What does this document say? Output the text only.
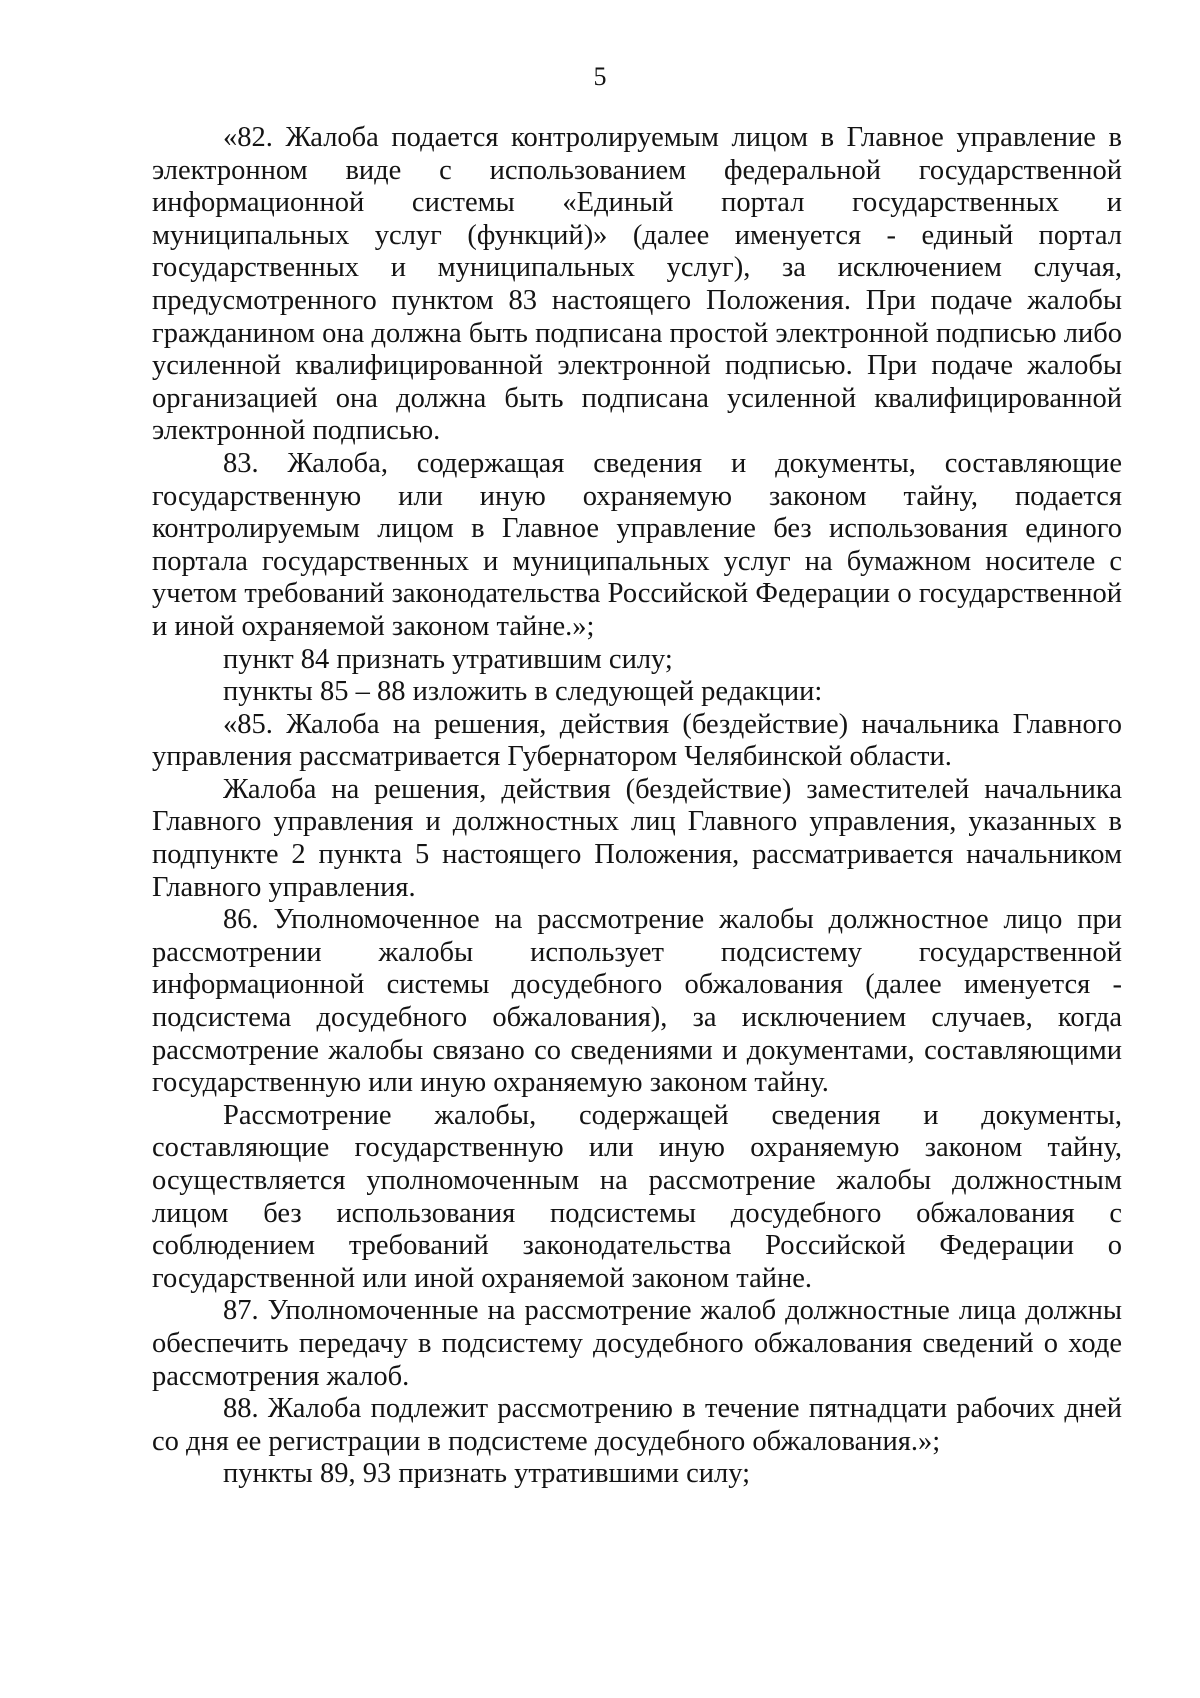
5

«82. Жалоба подается контролируемым лицом в Главное управление в электронном виде с использованием федеральной государственной информационной системы «Единый портал государственных и муниципальных услуг (функций)» (далее именуется - единый портал государственных и муниципальных услуг), за исключением случая, предусмотренного пунктом 83 настоящего Положения. При подаче жалобы гражданином она должна быть подписана простой электронной подписью либо усиленной квалифицированной электронной подписью. При подаче жалобы организацией она должна быть подписана усиленной квалифицированной электронной подписью.

83. Жалоба, содержащая сведения и документы, составляющие государственную или иную охраняемую законом тайну, подается контролируемым лицом в Главное управление без использования единого портала государственных и муниципальных услуг на бумажном носителе с учетом требований законодательства Российской Федерации о государственной и иной охраняемой законом тайне.»;

пункт 84 признать утратившим силу;

пункты 85 – 88 изложить в следующей редакции:

«85. Жалоба на решения, действия (бездействие) начальника Главного управления рассматривается Губернатором Челябинской области.

Жалоба на решения, действия (бездействие) заместителей начальника Главного управления и должностных лиц Главного управления, указанных в подпункте 2 пункта 5 настоящего Положения, рассматривается начальником Главного управления.

86. Уполномоченное на рассмотрение жалобы должностное лицо при рассмотрении жалобы использует подсистему государственной информационной системы досудебного обжалования (далее именуется - подсистема досудебного обжалования), за исключением случаев, когда рассмотрение жалобы связано со сведениями и документами, составляющими государственную или иную охраняемую законом тайну.

Рассмотрение жалобы, содержащей сведения и документы, составляющие государственную или иную охраняемую законом тайну, осуществляется уполномоченным на рассмотрение жалобы должностным лицом без использования подсистемы досудебного обжалования с соблюдением требований законодательства Российской Федерации о государственной или иной охраняемой законом тайне.

87. Уполномоченные на рассмотрение жалоб должностные лица должны обеспечить передачу в подсистему досудебного обжалования сведений о ходе рассмотрения жалоб.

88. Жалоба подлежит рассмотрению в течение пятнадцати рабочих дней со дня ее регистрации в подсистеме досудебного обжалования.»;

пункты 89, 93 признать утратившими силу;
